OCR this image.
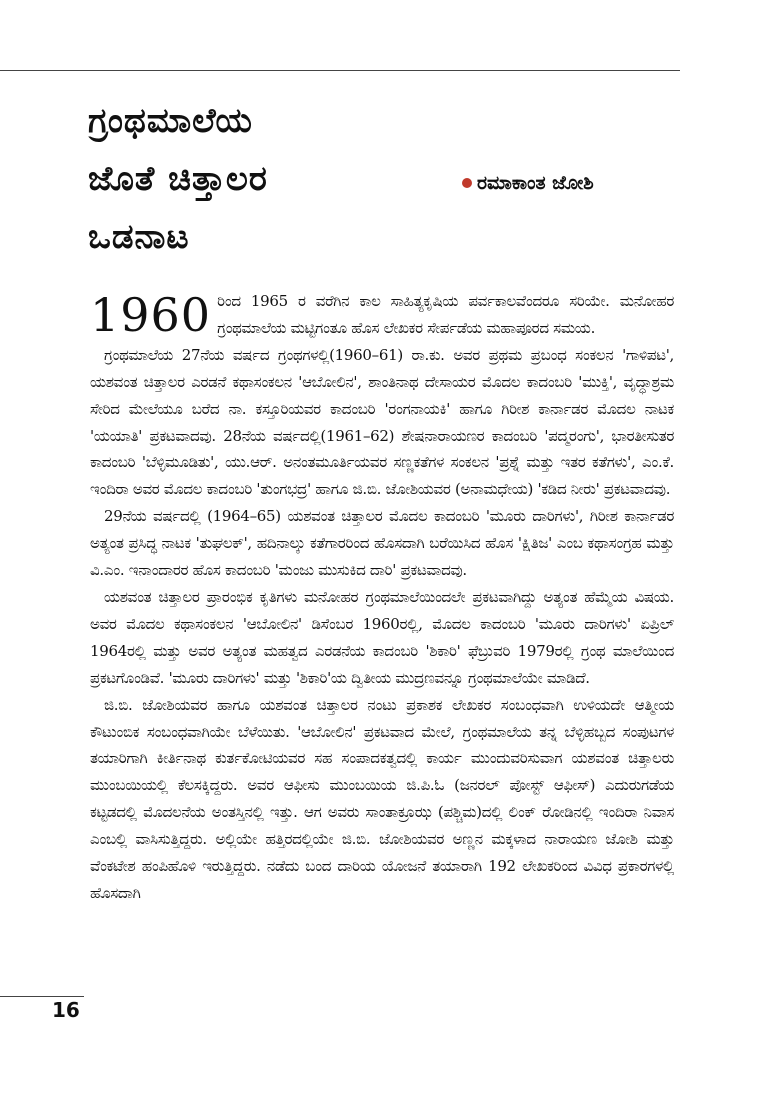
ಗ್ರಂಥಮಾಲೆಯ
ಜೊತೆ ಚಿತ್ತಾಲರ
ಒಡನಾಟ
ರಮಾಕಾಂತ ಜೋಶಿ

1960 ರಿಂದ 1965 ರ ವರೆಗಿನ ಕಾಲ ಸಾಹಿತ್ಯಕೃಷಿಯ ಪರ್ವಕಾಲವೆಂದರೂ ಸರಿಯೇ. ಮನೋಹರ ಗ್ರಂಥಮಾಲೆಯ ಮಟ್ಟಿಗಂತೂ ಹೊಸ ಲೇಖಕರ ಸೇರ್ಪಡೆಯ ಮಹಾಪೂರದ ಸಮಯ.

ಗ್ರಂಥಮಾಲೆಯ 27ನೆಯ ವರ್ಷದ ಗ್ರಂಥಗಳಲ್ಲಿ(1960–61) ರಾ.ಕು. ಅವರ ಪ್ರಥಮ ಪ್ರಬಂಧ ಸಂಕಲನ 'ಗಾಳಿಪಟ', ಯಶವಂತ ಚಿತ್ತಾಲರ ಎರಡನೆ ಕಥಾಸಂಕಲನ 'ಆಬೋಲಿನ', ಶಾಂತಿನಾಥ ದೇಸಾಯರ ಮೊದಲ ಕಾದಂಬರಿ 'ಮುಕ್ತಿ', ವೃದ್ಧಾಶ್ರಮ ಸೇರಿದ ಮೇಲೆಯೂ ಬರೆದ ನಾ. ಕಸ್ತೂರಿಯವರ ಕಾದಂಬರಿ 'ರಂಗನಾಯಕಿ' ಹಾಗೂ ಗಿರೀಶ ಕಾರ್ನಾಡರ ಮೊದಲ ನಾಟಕ 'ಯಯಾತಿ' ಪ್ರಕಟವಾದವು. 28ನೆಯ ವರ್ಷದಲ್ಲಿ(1961–62) ಶೇಷನಾರಾಯಣರ ಕಾದಂಬರಿ 'ಪದ್ಮರಂಗು', ಭಾರತೀಸುತರ ಕಾದಂಬರಿ 'ಬೆಳ್ಳಿಮೂಡಿತು', ಯು.ಆರ್. ಅನಂತಮೂರ್ತಿಯವರ ಸಣ್ಣಕತೆಗಳ ಸಂಕಲನ 'ಪ್ರಶ್ನೆ ಮತ್ತು ಇತರ ಕತೆಗಳು', ಎಂ.ಕೆ. ಇಂದಿರಾ ಅವರ ಮೊದಲ ಕಾದಂಬರಿ 'ತುಂಗಭದ್ರ' ಹಾಗೂ ಜಿ.ಬಿ. ಜೋಶಿಯವರ (ಅನಾಮಧೇಯ) 'ಕಡಿದ ನೀರು' ಪ್ರಕಟವಾದವು.

29ನೆಯ ವರ್ಷದಲ್ಲಿ (1964–65) ಯಶವಂತ ಚಿತ್ತಾಲರ ಮೊದಲ ಕಾದಂಬರಿ 'ಮೂರು ದಾರಿಗಳು', ಗಿರೀಶ ಕಾರ್ನಾಡರ ಅತ್ಯಂತ ಪ್ರಸಿದ್ಧ ನಾಟಕ 'ತುಘಲಕ್', ಹದಿನಾಲ್ಕು ಕತೆಗಾರರಿಂದ ಹೊಸದಾಗಿ ಬರೆಯಿಸಿದ ಹೊಸ 'ಕ್ಷಿತಿಜ' ಎಂಬ ಕಥಾಸಂಗ್ರಹ ಮತ್ತು ವಿ.ಎಂ. ಇನಾಂದಾರರ ಹೊಸ ಕಾದಂಬರಿ 'ಮಂಜು ಮುಸುಕಿದ ದಾರಿ' ಪ್ರಕಟವಾದವು.

ಯಶವಂತ ಚಿತ್ತಾಲರ ಪ್ರಾರಂಭಿಕ ಕೃತಿಗಳು ಮನೋಹರ ಗ್ರಂಥಮಾಲೆಯಿಂದಲೇ ಪ್ರಕಟವಾಗಿದ್ದು ಅತ್ಯಂತ ಹೆಮ್ಮೆಯ ವಿಷಯ. ಅವರ ಮೊದಲ ಕಥಾಸಂಕಲನ 'ಆಬೋಲಿನ' ಡಿಸೆಂಬರ 1960ರಲ್ಲಿ, ಮೊದಲ ಕಾದಂಬರಿ 'ಮೂರು ದಾರಿಗಳು' ಏಪ್ರಿಲ್ 1964ರಲ್ಲಿ ಮತ್ತು ಅವರ ಅತ್ಯಂತ ಮಹತ್ವದ ಎರಡನೆಯ ಕಾದಂಬರಿ 'ಶಿಕಾರಿ' ಫೆಬ್ರುವರಿ 1979ರಲ್ಲಿ ಗ್ರಂಥ ಮಾಲೆಯಿಂದ ಪ್ರಕಟಗೊಂಡಿವೆ. 'ಮೂರು ದಾರಿಗಳು' ಮತ್ತು 'ಶಿಕಾರಿ'ಯ ದ್ವಿತೀಯ ಮುದ್ರಣವನ್ನೂ ಗ್ರಂಥಮಾಲೆಯೇ ಮಾಡಿದೆ.

ಜಿ.ಬಿ. ಜೋಶಿಯವರ ಹಾಗೂ ಯಶವಂತ ಚಿತ್ತಾಲರ ನಂಟು ಪ್ರಕಾಶಕ ಲೇಖಕರ ಸಂಬಂಧವಾಗಿ ಉಳಿಯದೇ ಆತ್ಮೀಯ ಕೌಟುಂಬಿಕ ಸಂಬಂಧವಾಗಿಯೇ ಬೆಳೆಯಿತು. 'ಆಬೋಲಿನ' ಪ್ರಕಟವಾದ ಮೇಲೆ, ಗ್ರಂಥಮಾಲೆಯ ತನ್ನ ಬೆಳ್ಳಿಹಬ್ಬದ ಸಂಪುಟಗಳ ತಯಾರಿಗಾಗಿ ಕೀರ್ತಿನಾಥ ಕುರ್ತಕೋಟಿಯವರ ಸಹ ಸಂಪಾದಕತ್ವದಲ್ಲಿ ಕಾರ್ಯ ಮುಂದುವರಿಸುವಾಗ ಯಶವಂತ ಚಿತ್ತಾಲರು ಮುಂಬಯಿಯಲ್ಲಿ ಕೆಲಸಕ್ಕಿದ್ದರು. ಅವರ ಆಫೀಸು ಮುಂಬಯಿಯ ಜಿ.ಪಿ.ಓ (ಜನರಲ್ ಪೋಸ್ಟ್ ಆಫೀಸ್) ಎದುರುಗಡೆಯ ಕಟ್ಟಡದಲ್ಲಿ ಮೊದಲನೆಯ ಅಂತಸ್ತಿನಲ್ಲಿ ಇತ್ತು. ಆಗ ಅವರು ಸಾಂತಾಕ್ರೂಝ (ಪಶ್ಚಿಮ)ದಲ್ಲಿ ಲಿಂಕ್ ರೋಡಿನಲ್ಲಿ ಇಂದಿರಾ ನಿವಾಸ ಎಂಬಲ್ಲಿ ವಾಸಿಸುತ್ತಿದ್ದರು. ಅಲ್ಲಿಯೇ ಹತ್ತಿರದಲ್ಲಿಯೇ ಜಿ.ಬಿ. ಜೋಶಿಯವರ ಅಣ್ಣನ ಮಕ್ಕಳಾದ ನಾರಾಯಣ ಜೋಶಿ ಮತ್ತು ವೆಂಕಟೇಶ ಹಂಪಿಹೊಳಿ ಇರುತ್ತಿದ್ದರು. ನಡೆದು ಬಂದ ದಾರಿಯ ಯೋಜನೆ ತಯಾರಾಗಿ 192 ಲೇಖಕರಿಂದ ವಿವಿಧ ಪ್ರಕಾರಗಳಲ್ಲಿ ಹೊಸದಾಗಿ

16
